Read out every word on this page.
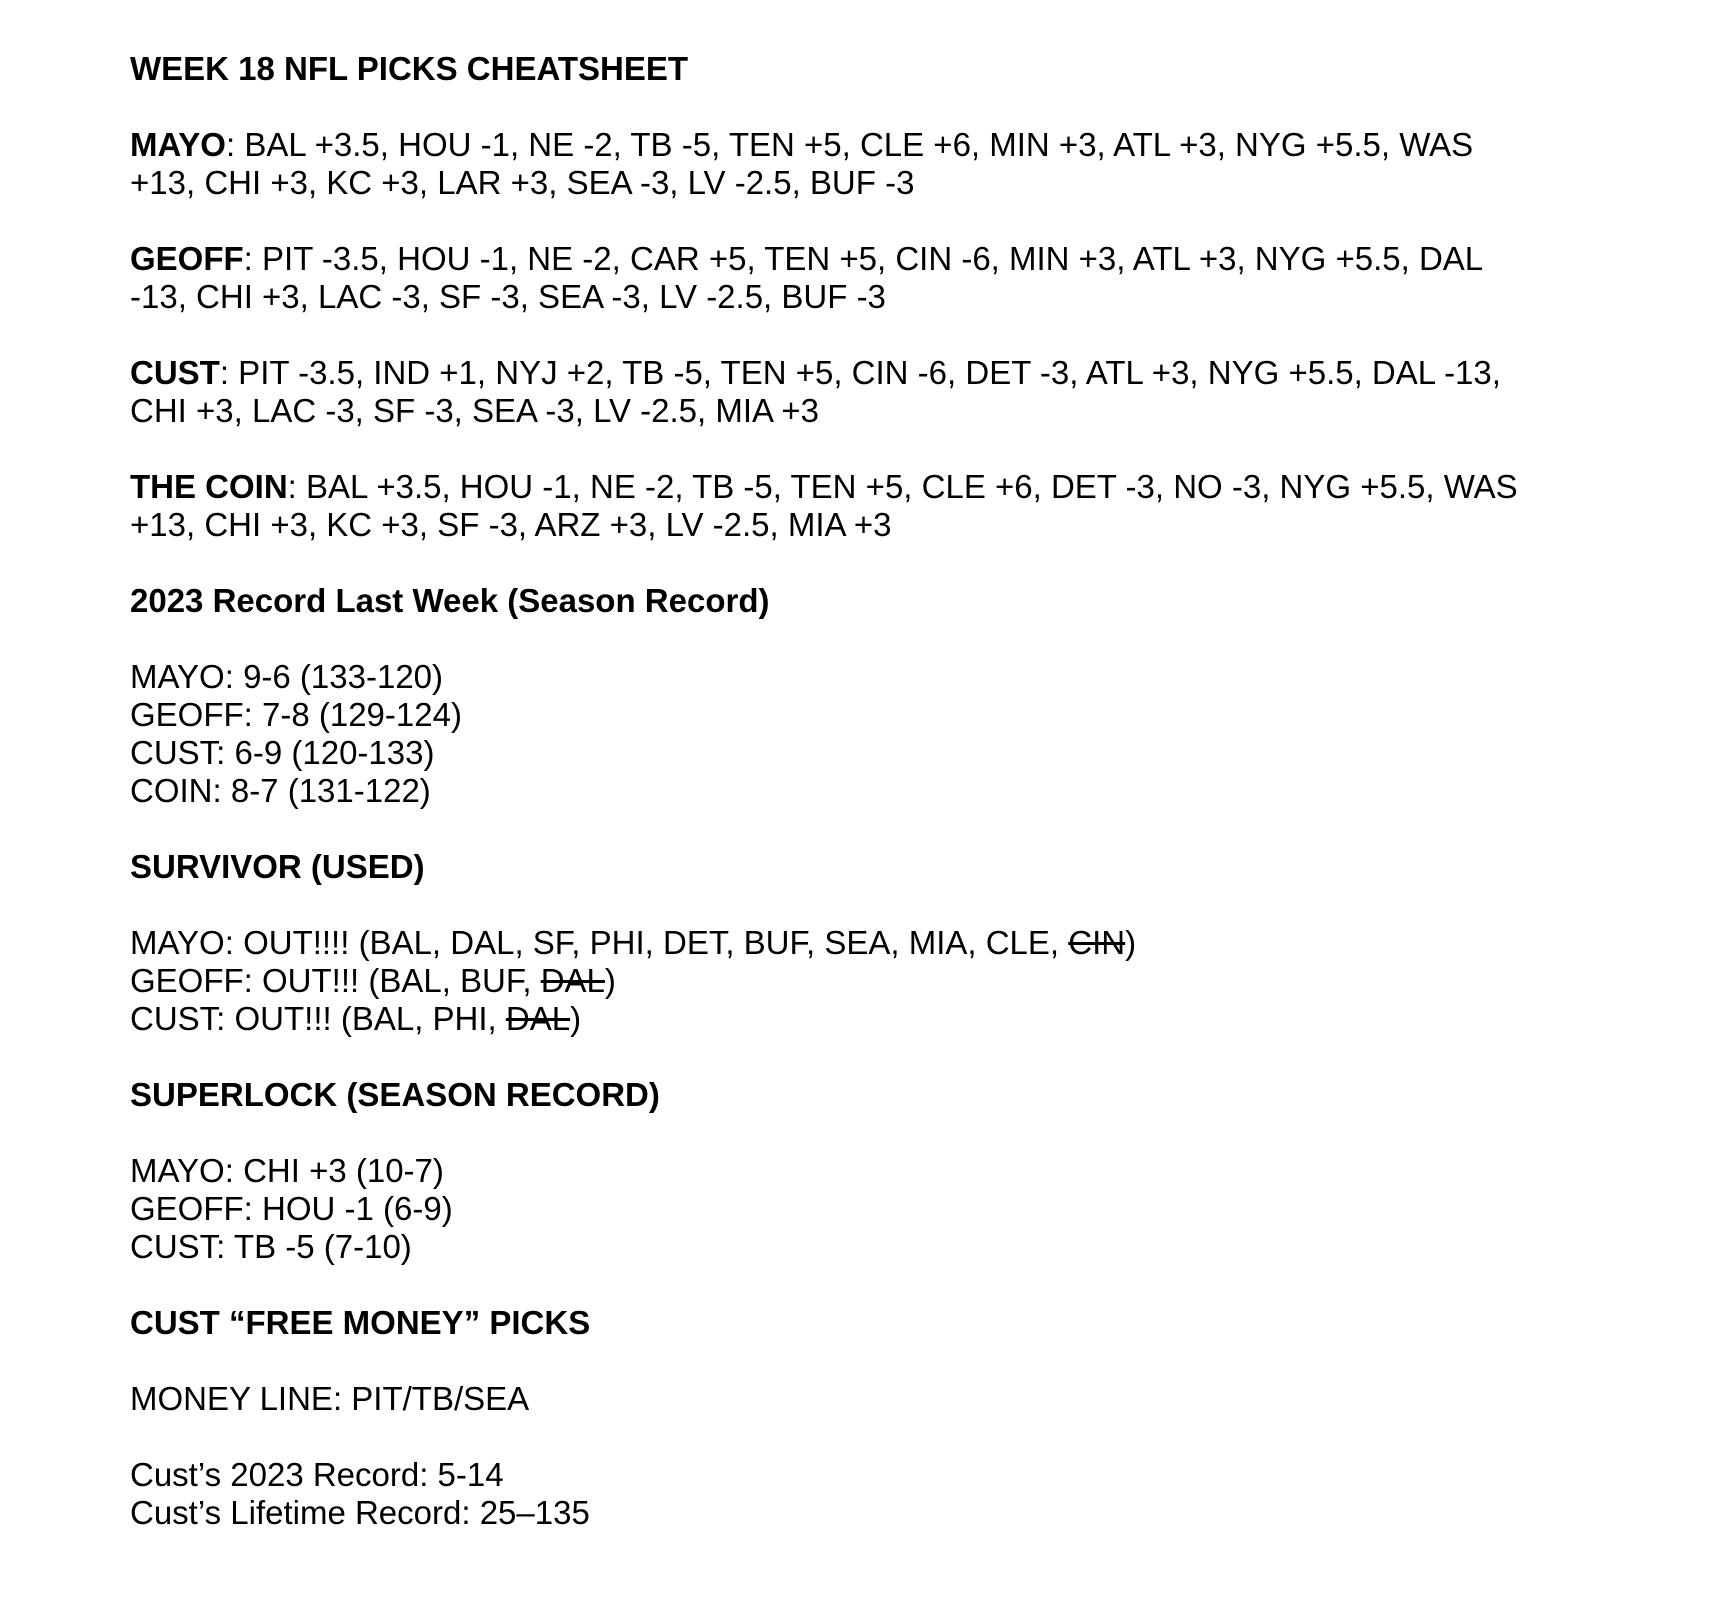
WEEK 18 NFL PICKS CHEATSHEET
MAYO: BAL +3.5, HOU -1, NE -2, TB -5, TEN +5, CLE +6, MIN +3, ATL +3, NYG +5.5, WAS
+13, CHI +3, KC +3, LAR +3, SEA -3, LV -2.5, BUF -3
GEOFF: PIT -3.5, HOU -1, NE -2, CAR +5, TEN +5, CIN -6, MIN +3, ATL +3, NYG +5.5, DAL
-13, CHI +3, LAC -3, SF -3, SEA -3, LV -2.5, BUF -3
CUST: PIT -3.5, IND +1, NYJ +2, TB -5, TEN +5, CIN -6, DET -3, ATL +3, NYG +5.5, DAL -13,
CHI +3, LAC -3, SF -3, SEA -3, LV -2.5, MIA +3
THE COIN: BAL +3.5, HOU -1, NE -2, TB -5, TEN +5, CLE +6, DET -3, NO -3, NYG +5.5, WAS
+13, CHI +3, KC +3, SF -3, ARZ +3, LV -2.5, MIA +3
2023 Record Last Week (Season Record)
MAYO: 9-6 (133-120)
GEOFF: 7-8 (129-124)
CUST: 6-9 (120-133)
COIN: 8-7 (131-122)
SURVIVOR (USED)
MAYO: OUT!!!! (BAL, DAL, SF, PHI, DET, BUF, SEA, MIA, CLE, CIN)
GEOFF: OUT!!! (BAL, BUF, DAL)
CUST: OUT!!! (BAL, PHI, DAL)
SUPERLOCK (SEASON RECORD)
MAYO: CHI +3 (10-7)
GEOFF: HOU -1 (6-9)
CUST: TB -5 (7-10)
CUST “FREE MONEY” PICKS
MONEY LINE: PIT/TB/SEA
Cust’s 2023 Record: 5-14
Cust’s Lifetime Record: 25–135
